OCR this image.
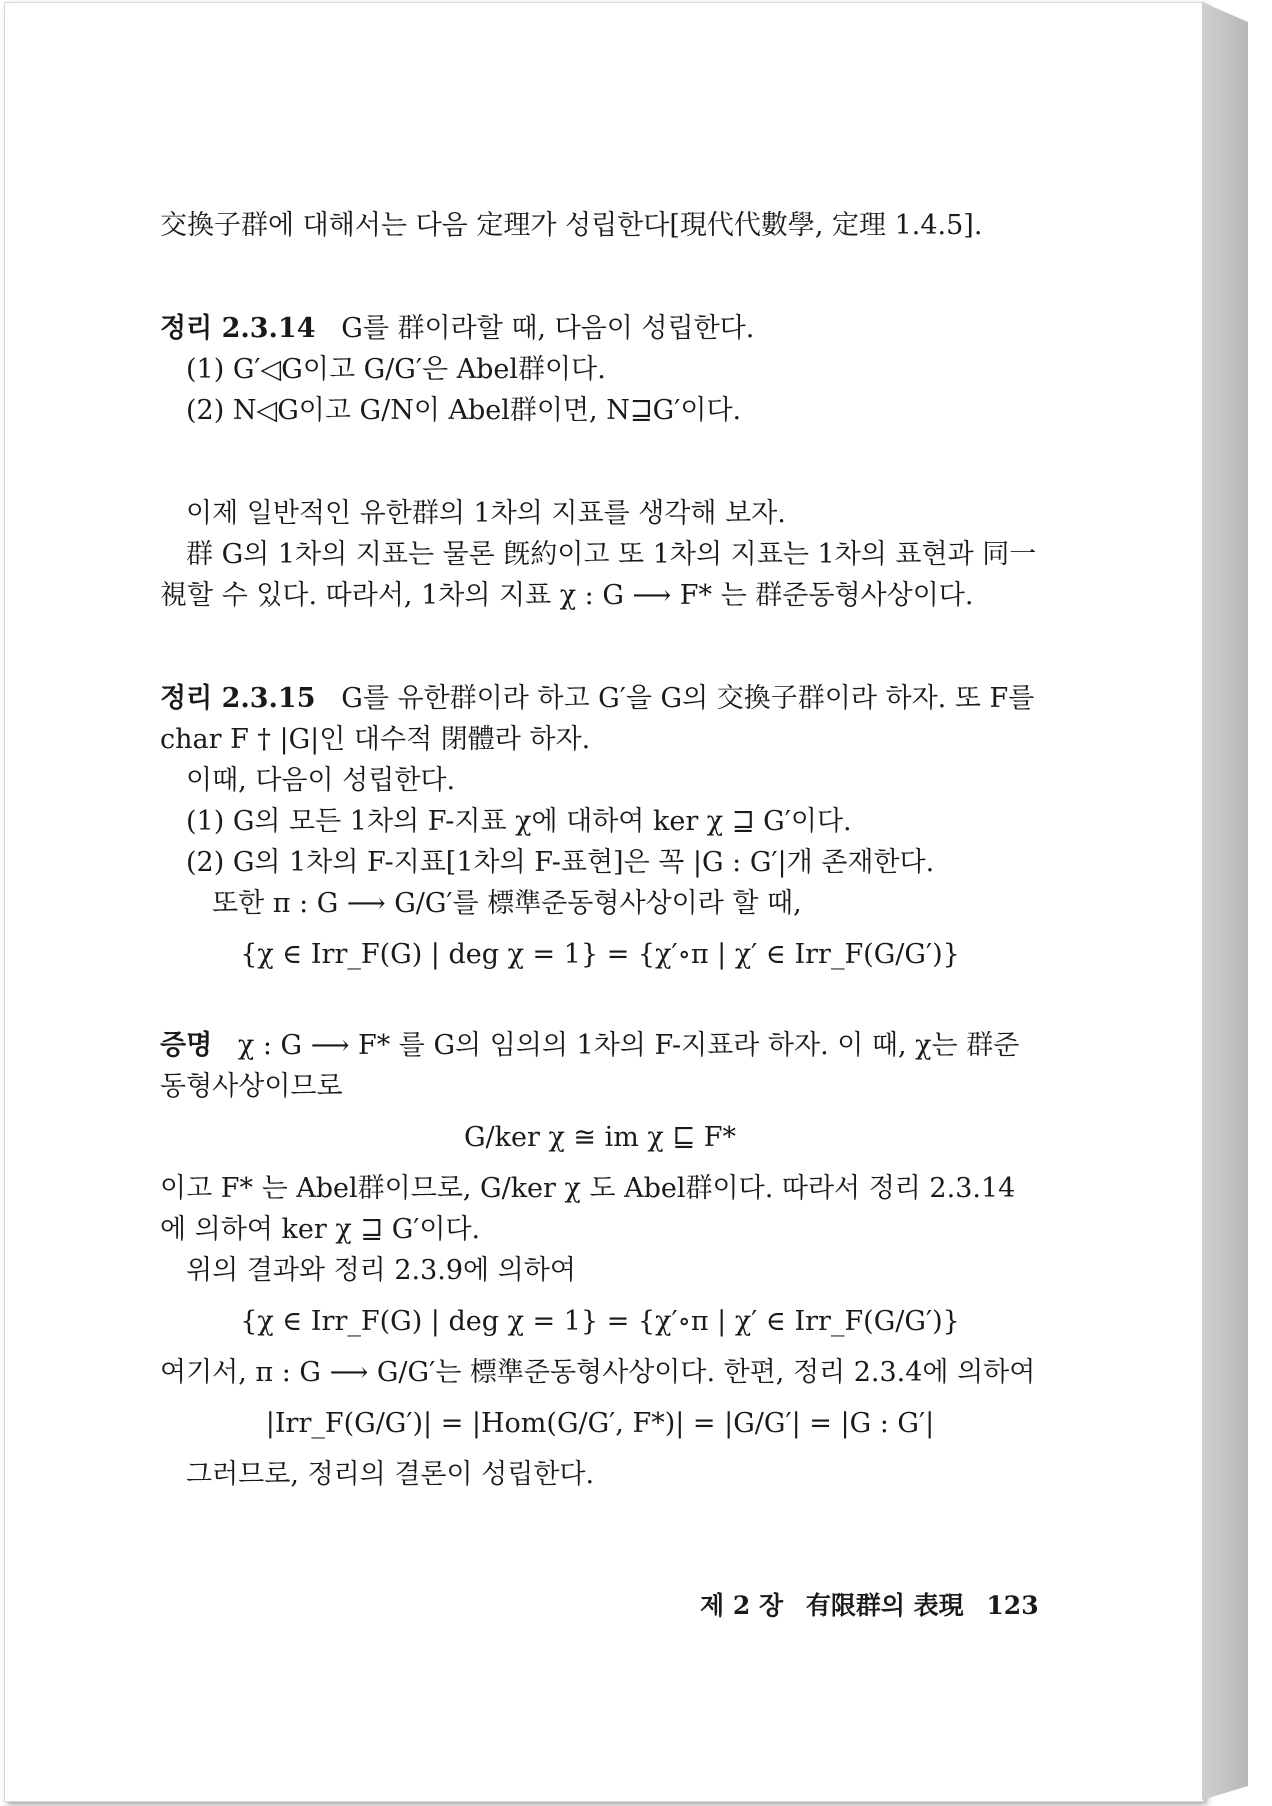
交換子群에 대해서는 다음 定理가 성립한다[現代代數學, 定理 1.4.5].

정리 2.3.14 G를 群이라할 때, 다음이 성립한다.

(1) G′◁G이고 G/G′은 Abel群이다.

(2) N◁G이고 G/N이 Abel群이면, N⊒G′이다.

이제 일반적인 유한群의 1차의 지표를 생각해 보자.

群 G의 1차의 지표는 물론 旣約이고 또 1차의 지표는 1차의 표현과 同一視할 수 있다. 따라서, 1차의 지표 χ : G ⟶ F* 는 群준동형사상이다.

정리 2.3.15 G를 유한群이라 하고 G′을 G의 交換子群이라 하자. 또 F를 char F † |G|인 대수적 閉體라 하자.

이때, 다음이 성립한다.

(1) G의 모든 1차의 F-지표 χ에 대하여 ker χ ⊒ G′이다.

(2) G의 1차의 F-지표[1차의 F-표현]은 꼭 |G : G′|개 존재한다.

또한 π : G ⟶ G/G′를 標準준동형사상이라 할 때,

{χ ∈ Irr_F(G) | deg χ = 1} = {χ′∘π | χ′ ∈ Irr_F(G/G′)}

증명 χ : G ⟶ F* 를 G의 임의의 1차의 F-지표라 하자. 이 때, χ는 群준동형사상이므로

G/ker χ ≅ im χ ⊑ F*

이고 F* 는 Abel群이므로, G/ker χ 도 Abel群이다. 따라서 정리 2.3.14에 의하여 ker χ ⊒ G′이다.

위의 결과와 정리 2.3.9에 의하여

{χ ∈ Irr_F(G) | deg χ = 1} = {χ′∘π | χ′ ∈ Irr_F(G/G′)}

여기서, π : G ⟶ G/G′는 標準준동형사상이다. 한편, 정리 2.3.4에 의하여

|Irr_F(G/G′)| = |Hom(G/G′, F*)| = |G/G′| = |G : G′|

그러므로, 정리의 결론이 성립한다.

제 2 장 有限群의 表現 123
